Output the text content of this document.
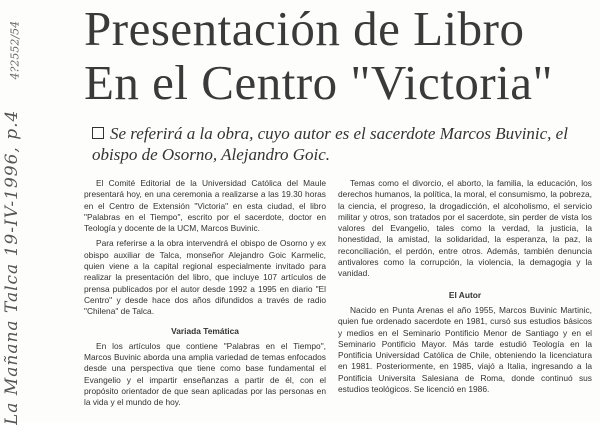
La Mañana Talca 19-IV-1996, p.4
4?2552/54 Presentación de Libro
En el Centro "Victoria"
Se referirá a la obra, cuyo autor es el sacerdote Marcos Buvinic, el obispo de Osorno, Alejandro Goic.

El Comité Editorial de la Universidad Católica del Maule presentará hoy, en una ceremonia a realizarse a las 19.30 horas en el Centro de Extensión "Victoria" en esta ciudad, el libro "Palabras en el Tiempo", escrito por el sacerdote, doctor en Teología y docente de la UCM, Marcos Buvinic.

Para referirse a la obra intervendrá el obispo de Osorno y ex obispo auxiliar de Talca, monseñor Alejandro Goic Karmelic, quien viene a la capital regional especialmente invitado para realizar la presentación del libro, que incluye 107 artículos de prensa publicados por el autor desde 1992 a 1995 en diario "El Centro" y desde hace dos años difundidos a través de radio "Chilena" de Talca.

Variada Temática

En los artículos que contiene "Palabras en el Tiempo", Marcos Buvinic aborda una amplia variedad de temas enfocados desde una perspectiva que tiene como base fundamental el Evangelio y el impartir enseñanzas a partir de él, con el propósito orientador de que sean aplicadas por las personas en la vida y el mundo de hoy.

Temas como el divorcio, el aborto, la familia, la educación, los derechos humanos, la política, la moral, el consumismo, la pobreza, la ciencia, el progreso, la drogadicción, el alcoholismo, el servicio militar y otros, son tratados por el sacerdote, sin perder de vista los valores del Evangelio, tales como la verdad, la justicia, la honestidad, la amistad, la solidaridad, la esperanza, la paz, la reconciliación, el perdón, entre otros. Además, también denuncia antivalores como la corrupción, la violencia, la demagogia y la vanidad.

El Autor

Nacido en Punta Arenas el año 1955, Marcos Buvinic Martinic, quien fue ordenado sacerdote en 1981, cursó sus estudios básicos y medios en el Seminario Pontificio Menor de Santiago y en el Seminario Pontificio Mayor. Más tarde estudió Teología en la Pontificia Universidad Católica de Chile, obteniendo la licenciatura en 1981. Posteriormente, en 1985, viajó a Italia, ingresando a la Pontificia Universita Salesiana de Roma, donde continuó sus estudios teológicos. Se licenció en 1986.
